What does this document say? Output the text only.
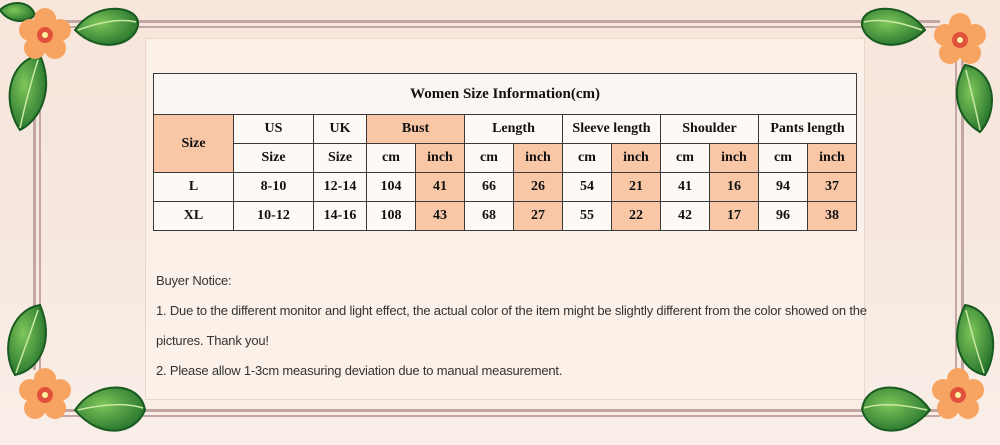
Women Size Information(cm)												
Size	US	UK	Bust		Length		Sleeve length		Shoulder		Pants length	
	Size	Size	cm	inch	cm	inch	cm	inch	cm	inch	cm	inch
L	8-10	12-14	104	41	66	26	54	21	41	16	94	37
XL	10-12	14-16	108	43	68	27	55	22	42	17	96	38
Buyer Notice:
1. Due to the different monitor and light effect, the actual color of the item might be slightly different from the color showed on the
pictures. Thank you!
2. Please allow 1-3cm measuring deviation due to manual measurement.
